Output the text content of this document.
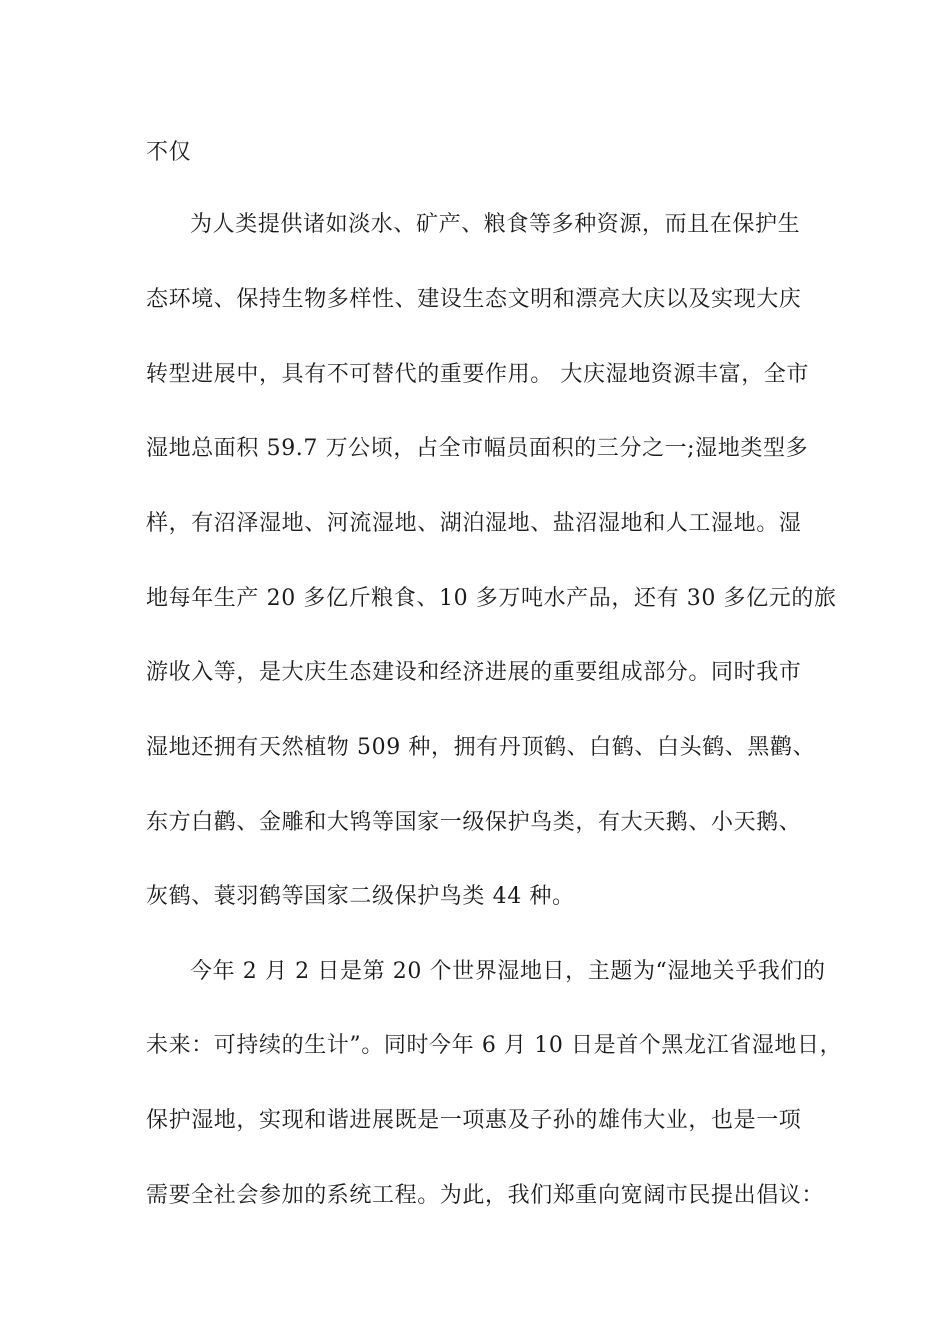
不仅
为人类提供诸如淡水、矿产、粮食等多种资源，而且在保护生
态环境、保持生物多样性、建设生态文明和漂亮大庆以及实现大庆
转型进展中，具有不可替代的重要作用。 大庆湿地资源丰富，全市
湿地总面积 59.7 万公顷，占全市幅员面积的三分之一;湿地类型多
样，有沼泽湿地、河流湿地、湖泊湿地、盐沼湿地和人工湿地。湿
地每年生产 20 多亿斤粮食、10 多万吨水产品，还有 30 多亿元的旅
游收入等，是大庆生态建设和经济进展的重要组成部分。同时我市
湿地还拥有天然植物 509 种，拥有丹顶鹤、白鹤、白头鹤、黑鹳、
东方白鹳、金雕和大鸨等国家一级保护鸟类，有大天鹅、小天鹅、
灰鹤、蓑羽鹤等国家二级保护鸟类 44 种。
今年 2 月 2 日是第 20 个世界湿地日，主题为“湿地关乎我们的
未来：可持续的生计”。同时今年 6 月 10 日是首个黑龙江省湿地日，
保护湿地，实现和谐进展既是一项惠及子孙的雄伟大业，也是一项
需要全社会参加的系统工程。为此，我们郑重向宽阔市民提出倡议：
